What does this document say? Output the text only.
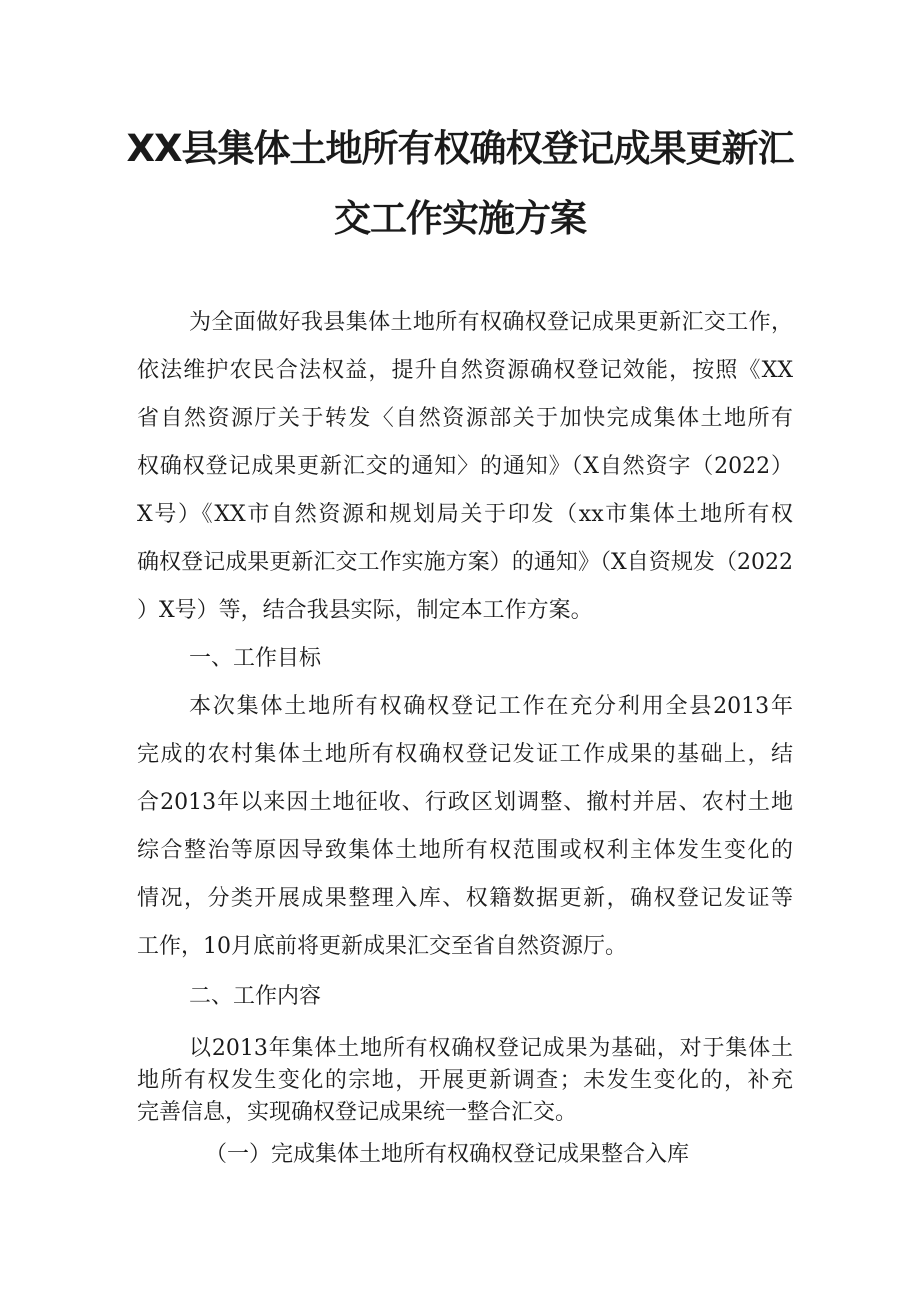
XX县集体土地所有权确权登记成果更新汇
交工作实施方案
为全面做好我县集体土地所有权确权登记成果更新汇交工作，
依法维护农民合法权益，提升自然资源确权登记效能，按照《XX
省自然资源厅关于转发〈自然资源部关于加快完成集体土地所有
权确权登记成果更新汇交的通知〉的通知》（X自然资字（2022）
X号）《XX市自然资源和规划局关于印发（xx市集体土地所有权
确权登记成果更新汇交工作实施方案）的通知》（X自资规发（2022
）X号）等，结合我县实际，制定本工作方案。
一、工作目标
本次集体土地所有权确权登记工作在充分利用全县2013年
完成的农村集体土地所有权确权登记发证工作成果的基础上，结
合2013年以来因土地征收、行政区划调整、撤村并居、农村土地
综合整治等原因导致集体土地所有权范围或权利主体发生变化的
情况，分类开展成果整理入库、权籍数据更新，确权登记发证等
工作，10月底前将更新成果汇交至省自然资源厅。
二、工作内容
以2013年集体土地所有权确权登记成果为基础，对于集体土
地所有权发生变化的宗地，开展更新调查；未发生变化的，补充
完善信息，实现确权登记成果统一整合汇交。
（一）完成集体土地所有权确权登记成果整合入库
